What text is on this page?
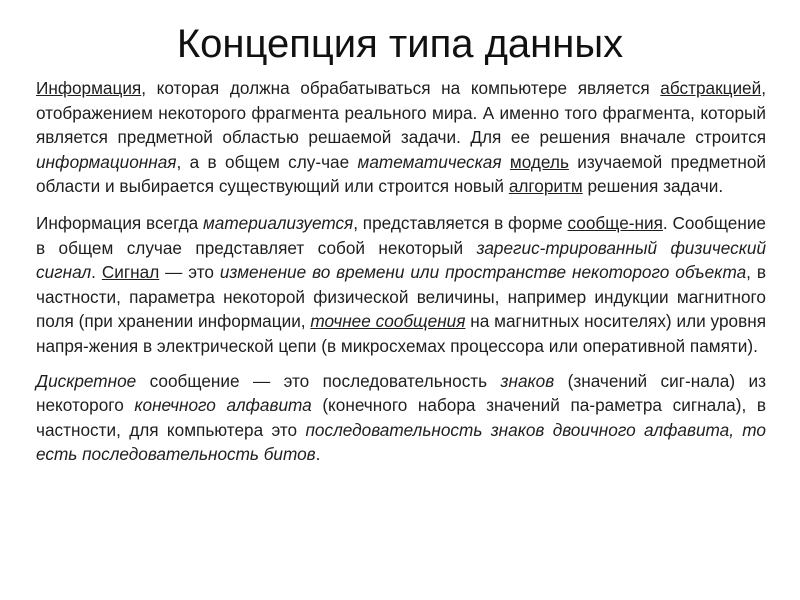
Концепция типа данных

Информация, которая должна обрабатываться на компьютере является абстракцией, отображением некоторого фрагмента реального мира. А именно того фрагмента, который является предметной областью решаемой задачи. Для ее решения вначале строится информационная, а в общем слу-чае математическая модель изучаемой предметной области и выбирается существующий или строится новый алгоритм решения задачи.

Информация всегда материализуется, представляется в форме сообще-ния. Сообщение в общем случае представляет собой некоторый зарегис-трированный физический сигнал. Сигнал — это изменение во времени или пространстве некоторого объекта, в частности, параметра некоторой физической величины, например индукции магнитного поля (при хранении информации, точнее сообщения на магнитных носителях) или уровня напря-жения в электрической цепи (в микросхемах процессора или оперативной памяти).

Дискретное сообщение — это последовательность знаков (значений сиг-нала) из некоторого конечного алфавита (конечного набора значений па-раметра сигнала), в частности, для компьютера это последовательность знаков двоичного алфавита, то есть последовательность битов.
